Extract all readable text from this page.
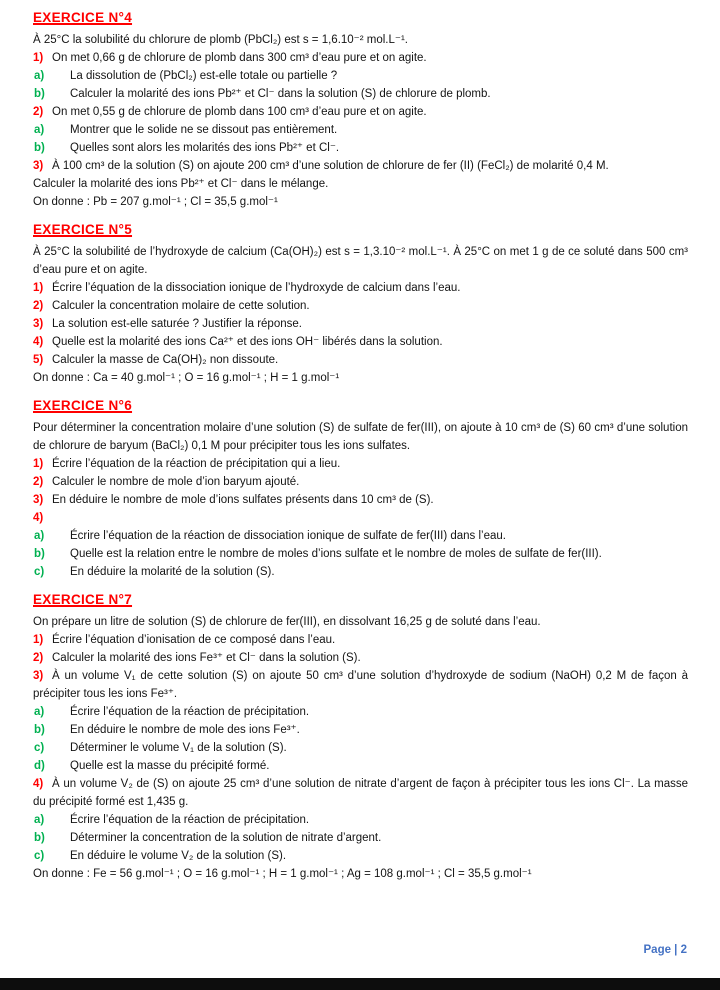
EXERCICE N°4

À 25°C la solubilité du chlorure de plomb (PbCl₂) est s = 1,6.10⁻² mol.L⁻¹.

1) On met 0,66 g de chlorure de plomb dans 300 cm³ d’eau pure et on agite.

a) La dissolution de (PbCl₂) est-elle totale ou partielle ?

b) Calculer la molarité des ions Pb²⁺ et Cl⁻ dans la solution (S) de chlorure de plomb.

2) On met 0,55 g de chlorure de plomb dans 100 cm³ d’eau pure et on agite.

a) Montrer que le solide ne se dissout pas entièrement.

b) Quelles sont alors les molarités des ions Pb²⁺ et Cl⁻.

3) À 100 cm³ de la solution (S) on ajoute 200 cm³ d’une solution de chlorure de fer (II) (FeCl₂) de molarité 0,4 M.

Calculer la molarité des ions Pb²⁺ et Cl⁻ dans le mélange.

On donne : Pb = 207 g.mol⁻¹ ; Cl = 35,5 g.mol⁻¹

EXERCICE N°5

À 25°C la solubilité de l’hydroxyde de calcium (Ca(OH)₂) est s = 1,3.10⁻² mol.L⁻¹. À 25°C on met 1 g de ce soluté dans 500 cm³ d’eau pure et on agite.

1) Écrire l’équation de la dissociation ionique de l’hydroxyde de calcium dans l’eau.

2) Calculer la concentration molaire de cette solution.

3) La solution est-elle saturée ? Justifier la réponse.

4) Quelle est la molarité des ions Ca²⁺ et des ions OH⁻ libérés dans la solution.

5) Calculer la masse de Ca(OH)₂ non dissoute.

On donne : Ca = 40 g.mol⁻¹ ; O = 16 g.mol⁻¹ ; H = 1 g.mol⁻¹

EXERCICE N°6

Pour déterminer la concentration molaire d’une solution (S) de sulfate de fer(III), on ajoute à 10 cm³ de (S) 60 cm³ d’une solution de chlorure de baryum (BaCl₂) 0,1 M pour précipiter tous les ions sulfates.

1) Écrire l’équation de la réaction de précipitation qui a lieu.

2) Calculer le nombre de mole d’ion baryum ajouté.

3) En déduire le nombre de mole d’ions sulfates présents dans 10 cm³ de (S).

4)

a) Écrire l’équation de la réaction de dissociation ionique de sulfate de fer(III) dans l’eau.

b) Quelle est la relation entre le nombre de moles d’ions sulfate et le nombre de moles de sulfate de fer(III).

c) En déduire la molarité de la solution (S).

EXERCICE N°7

On prépare un litre de solution (S) de chlorure de fer(III), en dissolvant 16,25 g de soluté dans l’eau.

1) Écrire l’équation d’ionisation de ce composé dans l’eau.

2) Calculer la molarité des ions Fe³⁺ et Cl⁻ dans la solution (S).

3) À un volume V₁ de cette solution (S) on ajoute 50 cm³ d’une solution d’hydroxyde de sodium (NaOH) 0,2 M de façon à précipiter tous les ions Fe³⁺.

a) Écrire l’équation de la réaction de précipitation.

b) En déduire le nombre de mole des ions Fe³⁺.

c) Déterminer le volume V₁ de la solution (S).

d) Quelle est la masse du précipité formé.

4) À un volume V₂ de (S) on ajoute 25 cm³ d’une solution de nitrate d’argent de façon à précipiter tous les ions Cl⁻. La masse du précipité formé est 1,435 g.

a) Écrire l’équation de la réaction de précipitation.

b) Déterminer la concentration de la solution de nitrate d’argent.

c) En déduire le volume V₂ de la solution (S).

On donne : Fe = 56 g.mol⁻¹ ; O = 16 g.mol⁻¹ ; H = 1 g.mol⁻¹ ; Ag = 108 g.mol⁻¹ ; Cl = 35,5 g.mol⁻¹

Page | 2
